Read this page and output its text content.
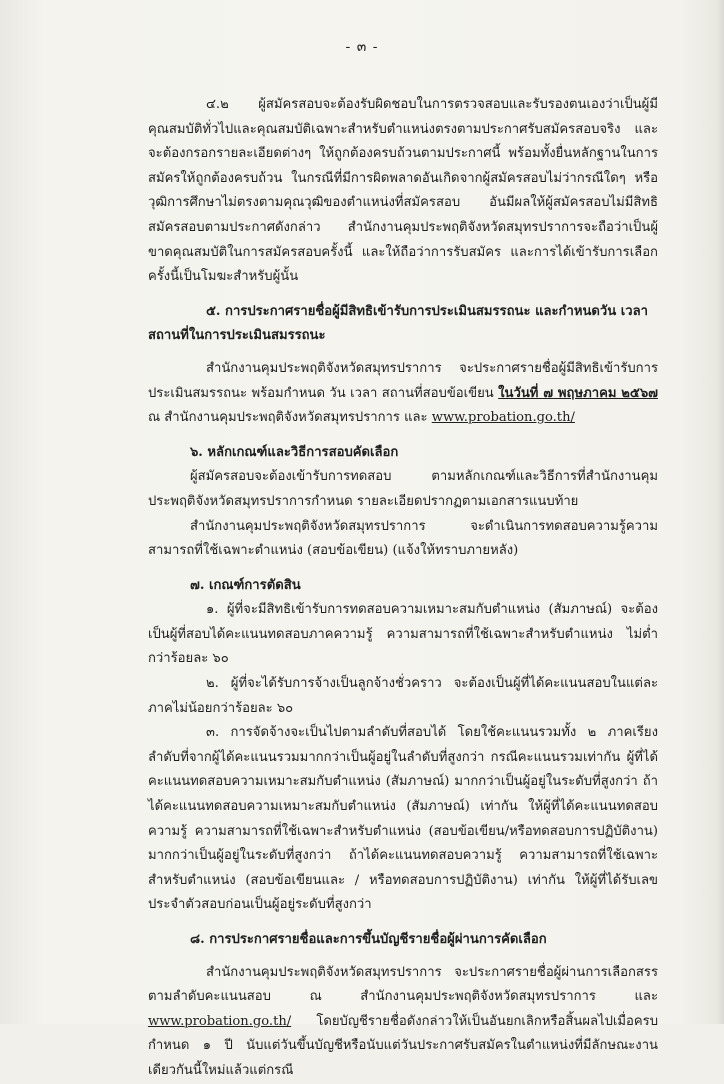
- ๓ -

๔.๒ ผู้สมัครสอบจะต้องรับผิดชอบในการตรวจสอบและรับรองตนเองว่าเป็นผู้มีคุณสมบัติทั่วไปและคุณสมบัติเฉพาะสำหรับตำแหน่งตรงตามประกาศรับสมัครสอบจริง และจะต้องกรอกรายละเอียดต่างๆ ให้ถูกต้องครบถ้วนตามประกาศนี้ พร้อมทั้งยื่นหลักฐานในการสมัครให้ถูกต้องครบถ้วน ในกรณีที่มีการผิดพลาดอันเกิดจากผู้สมัครสอบไม่ว่ากรณีใดๆ หรือวุฒิการศึกษาไม่ตรงตามคุณวุฒิของตำแหน่งที่สมัครสอบ อันมีผลให้ผู้สมัครสอบไม่มีสิทธิสมัครสอบตามประกาศดังกล่าว สำนักงานคุมประพฤติจังหวัดสมุทรปราการจะถือว่าเป็นผู้ขาดคุณสมบัติในการสมัครสอบครั้งนี้ และให้ถือว่าการรับสมัคร และการได้เข้ารับการเลือกครั้งนี้เป็นโมฆะสำหรับผู้นั้น

๕. การประกาศรายชื่อผู้มีสิทธิเข้ารับการประเมินสมรรถนะ และกำหนดวัน เวลาสถานที่ในการประเมินสมรรถนะ

สำนักงานคุมประพฤติจังหวัดสมุทรปราการ จะประกาศรายชื่อผู้มีสิทธิเข้ารับการประเมินสมรรถนะ พร้อมกำหนด วัน เวลา สถานที่สอบข้อเขียน ในวันที่ ๗ พฤษภาคม ๒๕๖๗ ณ สำนักงานคุมประพฤติจังหวัดสมุทรปราการ และ www.probation.go.th/

๖. หลักเกณฑ์และวิธีการสอบคัดเลือก

ผู้สมัครสอบจะต้องเข้ารับการทดสอบ ตามหลักเกณฑ์และวิธีการที่สำนักงานคุมประพฤติจังหวัดสมุทรปราการกำหนด รายละเอียดปรากฏตามเอกสารแนบท้าย

สำนักงานคุมประพฤติจังหวัดสมุทรปราการ จะดำเนินการทดสอบความรู้ความสามารถที่ใช้เฉพาะตำแหน่ง (สอบข้อเขียน) (แจ้งให้ทราบภายหลัง)

๗. เกณฑ์การตัดสิน

๑. ผู้ที่จะมีสิทธิเข้ารับการทดสอบความเหมาะสมกับตำแหน่ง (สัมภาษณ์) จะต้องเป็นผู้ที่สอบได้คะแนนทดสอบภาคความรู้ ความสามารถที่ใช้เฉพาะสำหรับตำแหน่ง ไม่ต่ำกว่าร้อยละ ๖๐

๒. ผู้ที่จะได้รับการจ้างเป็นลูกจ้างชั่วคราว จะต้องเป็นผู้ที่ได้คะแนนสอบในแต่ละภาคไม่น้อยกว่าร้อยละ ๖๐

๓. การจัดจ้างจะเป็นไปตามลำดับที่สอบได้ โดยใช้คะแนนรวมทั้ง ๒ ภาคเรียงลำดับที่จากผู้ได้คะแนนรวมมากกว่าเป็นผู้อยู่ในลำดับที่สูงกว่า กรณีคะแนนรวมเท่ากัน ผู้ที่ได้คะแนนทดสอบความเหมาะสมกับตำแหน่ง (สัมภาษณ์) มากกว่าเป็นผู้อยู่ในระดับที่สูงกว่า ถ้าได้คะแนนทดสอบความเหมาะสมกับตำแหน่ง (สัมภาษณ์) เท่ากัน ให้ผู้ที่ได้คะแนนทดสอบความรู้ ความสามารถที่ใช้เฉพาะสำหรับตำแหน่ง (สอบข้อเขียน/หรือทดสอบการปฏิบัติงาน) มากกว่าเป็นผู้อยู่ในระดับที่สูงกว่า ถ้าได้คะแนนทดสอบความรู้ ความสามารถที่ใช้เฉพาะสำหรับตำแหน่ง (สอบข้อเขียนและ / หรือทดสอบการปฏิบัติงาน) เท่ากัน ให้ผู้ที่ได้รับเลขประจำตัวสอบก่อนเป็นผู้อยู่ระดับที่สูงกว่า

๘. การประกาศรายชื่อและการขึ้นบัญชีรายชื่อผู้ผ่านการคัดเลือก

สำนักงานคุมประพฤติจังหวัดสมุทรปราการ จะประกาศรายชื่อผู้ผ่านการเลือกสรรตามลำดับคะแนนสอบ ณ สำนักงานคุมประพฤติจังหวัดสมุทรปราการ และ www.probation.go.th/ โดยบัญชีรายชื่อดังกล่าวให้เป็นอันยกเลิกหรือสิ้นผลไปเมื่อครบกำหนด ๑ ปี นับแต่วันขึ้นบัญชีหรือนับแต่วันประกาศรับสมัครในตำแหน่งที่มีลักษณะงานเดียวกันนี้ใหม่แล้วแต่กรณี
